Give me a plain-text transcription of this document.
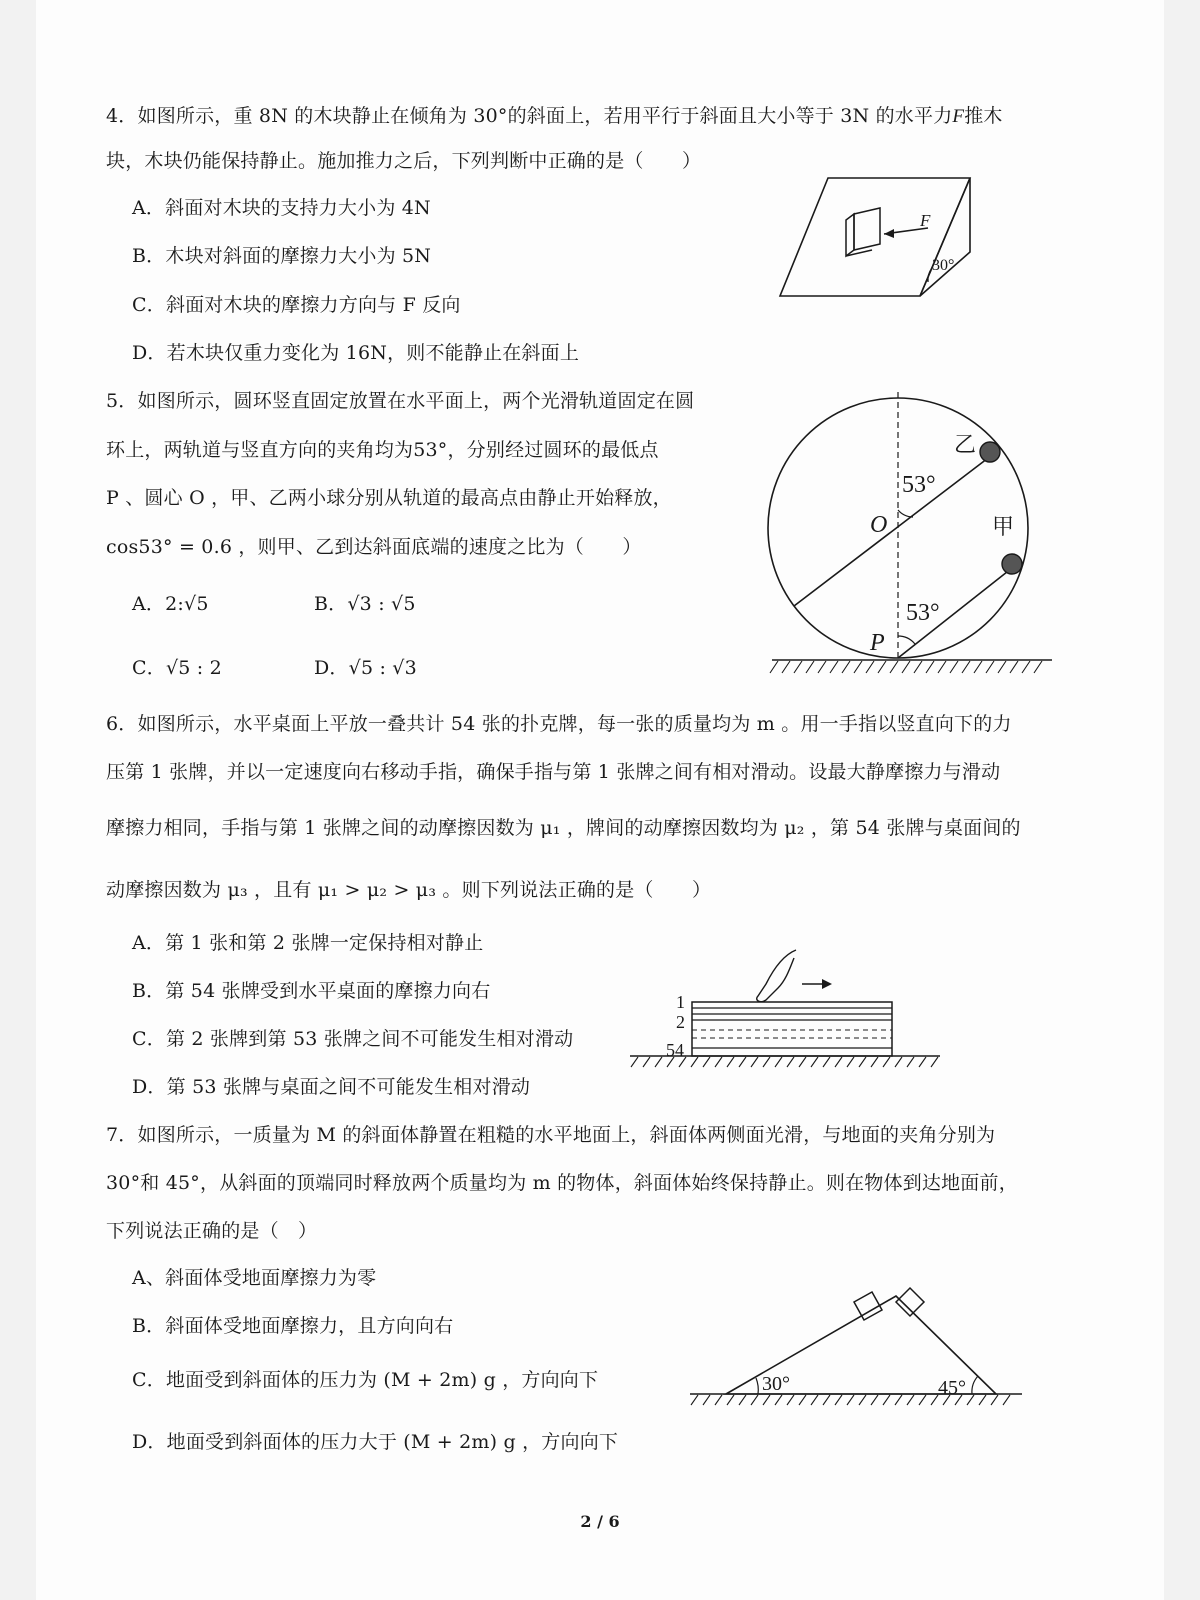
4．如图所示，重 8N 的木块静止在倾角为 30°的斜面上，若用平行于斜面且大小等于 3N 的水平力F推木
块，木块仍能保持静止。施加推力之后，下列判断中正确的是（　　）
A．斜面对木块的支持力大小为 4N
B．木块对斜面的摩擦力大小为 5N
C．斜面对木块的摩擦力方向与 F 反向
D．若木块仅重力变化为 16N，则不能静止在斜面上
F
30°
5．如图所示，圆环竖直固定放置在水平面上，两个光滑轨道固定在圆
环上，两轨道与竖直方向的夹角均为53°，分别经过圆环的最低点
P 、圆心 O ，甲、乙两小球分别从轨道的最高点由静止开始释放，
cos53° = 0.6 ，则甲、乙到达斜面底端的速度之比为（　　）
A．2:√5	B．√3 : √5
C．√5 : 2	D．√5 : √3
乙
甲
O
P
53°
53°
6．如图所示，水平桌面上平放一叠共计 54 张的扑克牌，每一张的质量均为 m 。用一手指以竖直向下的力
压第 1 张牌，并以一定速度向右移动手指，确保手指与第 1 张牌之间有相对滑动。设最大静摩擦力与滑动
摩擦力相同，手指与第 1 张牌之间的动摩擦因数为 μ₁ ，牌间的动摩擦因数均为 μ₂ ，第 54 张牌与桌面间的
动摩擦因数为 μ₃ ，且有 μ₁ > μ₂ > μ₃ 。则下列说法正确的是（　　）
A．第 1 张和第 2 张牌一定保持相对静止
B．第 54 张牌受到水平桌面的摩擦力向右
C．第 2 张牌到第 53 张牌之间不可能发生相对滑动
D．第 53 张牌与桌面之间不可能发生相对滑动
1
2
54
7．如图所示，一质量为 M 的斜面体静置在粗糙的水平地面上，斜面体两侧面光滑，与地面的夹角分别为
30°和 45°，从斜面的顶端同时释放两个质量均为 m 的物体，斜面体始终保持静止。则在物体到达地面前，
下列说法正确的是（　）
A、斜面体受地面摩擦力为零
B．斜面体受地面摩擦力，且方向向右
C．地面受到斜面体的压力为 (M + 2m) g ，方向向下
D．地面受到斜面体的压力大于 (M + 2m) g ，方向向下
30°	45°
2 / 6
